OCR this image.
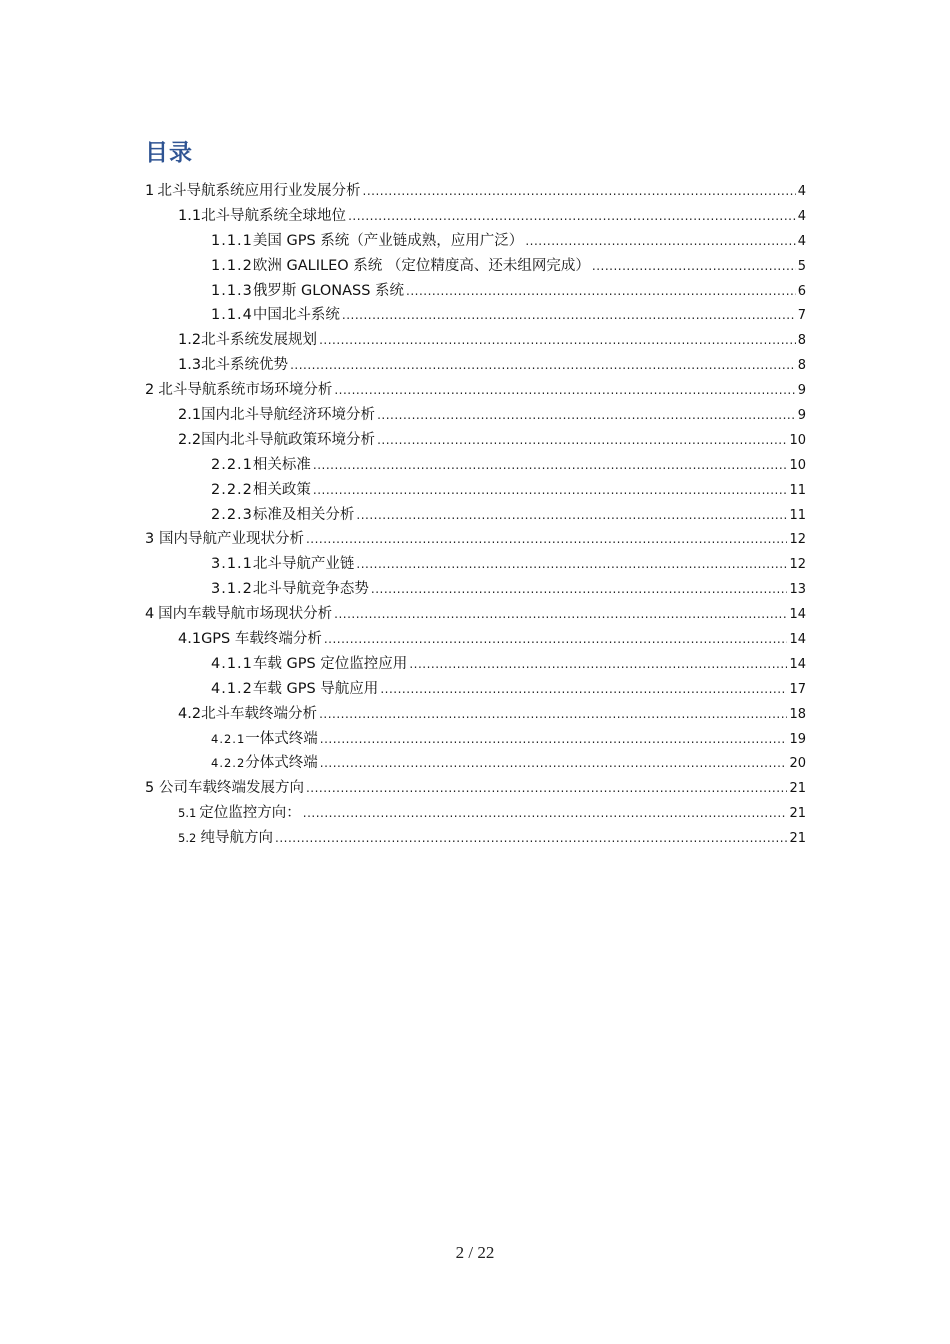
目录
1 北斗导航系统应用行业发展分析 .....	4
1.1 北斗导航系统全球地位 .....	4
1.1.1 美国 GPS 系统（产业链成熟，应用广泛） .....	4
1.1.2 欧洲 GALILEO 系统 （定位精度高、还未组网完成） .....	5
1.1.3 俄罗斯 GLONASS 系统 .....	6
1.1.4 中国北斗系统 .....	7
1.2 北斗系统发展规划 .....	8
1.3 北斗系统优势 .....	8
2 北斗导航系统市场环境分析 .....	9
2.1 国内北斗导航经济环境分析 .....	9
2.2 国内北斗导航政策环境分析 .....	10
2.2.1 相关标准 .....	10
2.2.2 相关政策 .....	11
2.2.3 标准及相关分析 .....	11
3 国内导航产业现状分析 .....	12
3.1.1 北斗导航产业链 .....	12
3.1.2 北斗导航竞争态势 .....	13
4 国内车载导航市场现状分析 .....	14
4.1 GPS 车载终端分析 .....	14
4.1.1 车载 GPS 定位监控应用 .....	14
4.1.2 车载 GPS 导航应用 .....	17
4.2 北斗车载终端分析 .....	18
4.2.1 一体式终端 .....	19
4.2.2 分体式终端 .....	20
5 公司车载终端发展方向 .....	21
5.1 定位监控方向： .....	21
5.2 纯导航方向 .....	21
2 / 22
